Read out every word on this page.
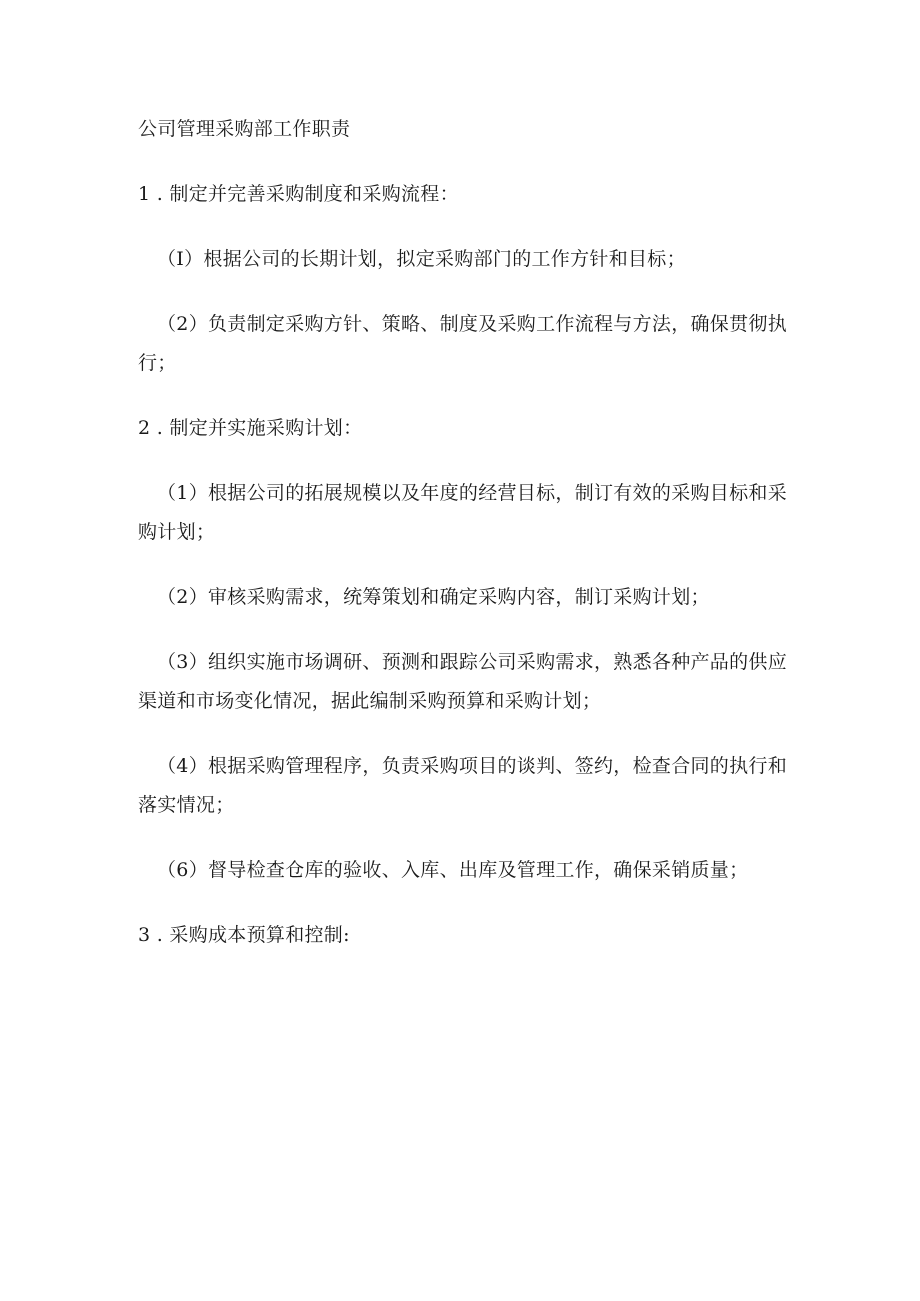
公司管理采购部工作职责
1 . 制定并完善采购制度和采购流程：
（I）根据公司的长期计划，拟定采购部门的工作方针和目标；
（2）负责制定采购方针、策略、制度及采购工作流程与方法，确保贯彻执行；
2 . 制定并实施采购计划：
（1）根据公司的拓展规模以及年度的经营目标，制订有效的采购目标和采购计划；
（2）审核采购需求，统筹策划和确定采购内容，制订采购计划；
（3）组织实施市场调研、预测和跟踪公司采购需求，熟悉各种产品的供应渠道和市场变化情况，据此编制采购预算和采购计划；
（4）根据采购管理程序，负责采购项目的谈判、签约，检查合同的执行和落实情况；
（6）督导检查仓库的验收、入库、出库及管理工作，确保采销质量；
3 . 采购成本预算和控制:
